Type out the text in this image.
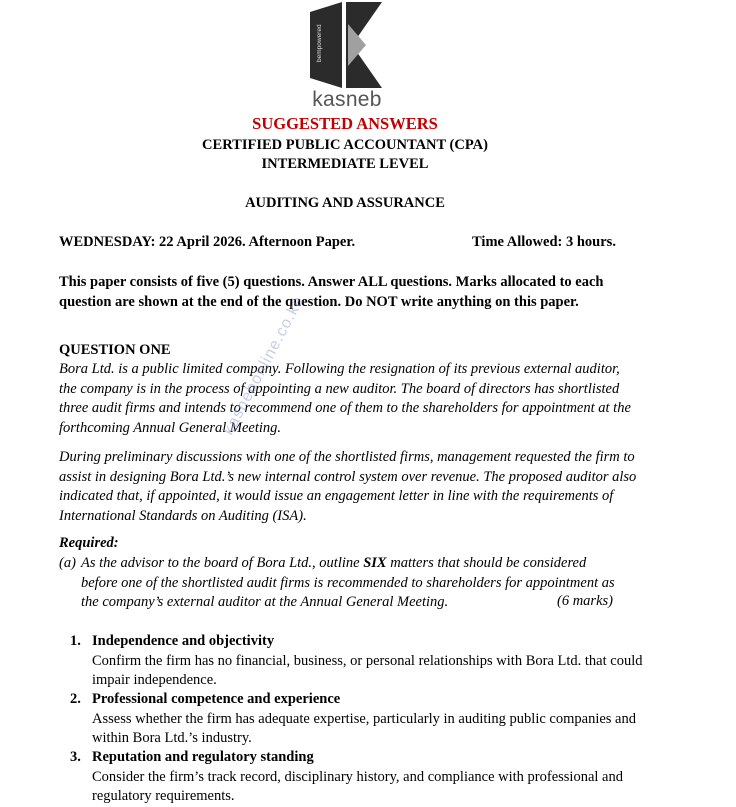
bempowered
kasneb
SUGGESTED ANSWERS
CERTIFIED PUBLIC ACCOUNTANT (CPA)
INTERMEDIATE LEVEL
AUDITING AND ASSURANCE
WEDNESDAY: 22 April 2026. Afternoon Paper.	Time Allowed: 3 hours.
This paper consists of five (5) questions. Answer ALL questions. Marks allocated to each question are shown at the end of the question. Do NOT write anything on this paper.
QUESTION ONE
Bora Ltd. is a public limited company. Following the resignation of its previous external auditor, the company is in the process of appointing a new auditor. The board of directors has shortlisted three audit firms and intends to recommend one of them to the shareholders for appointment at the forthcoming Annual General Meeting.
During preliminary discussions with one of the shortlisted firms, management requested the firm to assist in designing Bora Ltd.’s new internal control system over revenue. The proposed auditor also indicated that, if appointed, it would issue an engagement letter in line with the requirements of International Standards on Auditing (ISA).
Required:
(a) As the advisor to the board of Bora Ltd., outline SIX matters that should be considered
before one of the shortlisted audit firms is recommended to shareholders for appointment as
the company’s external auditor at the Annual General Meeting.	(6 marks)
1. Independence and objectivity
Confirm the firm has no financial, business, or personal relationships with Bora Ltd. that could impair independence.
2. Professional competence and experience
Assess whether the firm has adequate expertise, particularly in auditing public companies and within Bora Ltd.’s industry.
3. Reputation and regulatory standing
Consider the firm’s track record, disciplinary history, and compliance with professional and regulatory requirements.
kasnebonline.co.ke
